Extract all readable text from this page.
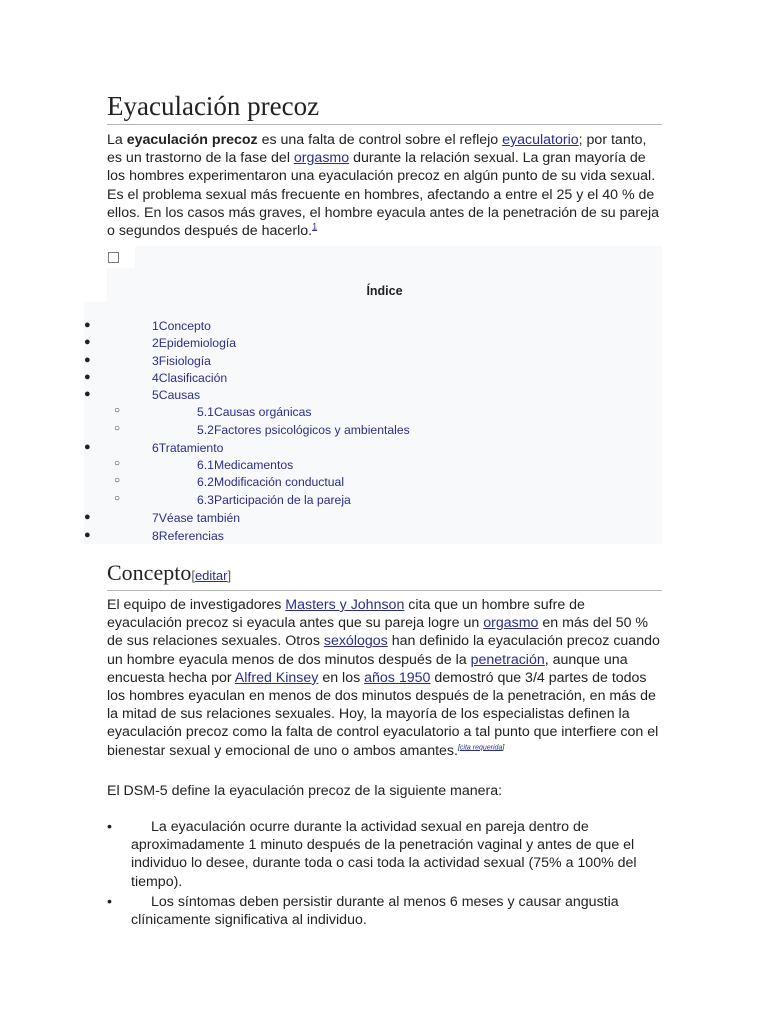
Eyaculación precoz

La eyaculación precoz es una falta de control sobre el reflejo eyaculatorio; por tanto, es un trastorno de la fase del orgasmo durante la relación sexual. La gran mayoría de los hombres experimentaron una eyaculación precoz en algún punto de su vida sexual. Es el problema sexual más frecuente en hombres, afectando a entre el 25 y el 40 % de ellos. En los casos más graves, el hombre eyacula antes de la penetración de su pareja o segundos después de hacerlo.$^1$

Índice
●	1Concepto
●	2Epidemiología
●	3Fisiología
●	4Clasificación
●	5Causas
○	5.1Causas orgánicas
○	5.2Factores psicológicos y ambientales
●	6Tratamiento
○	6.1Medicamentos
○	6.2Modificación conductual
○	6.3Participación de la pareja
●	7Véase también
●	8Referencias
Concepto[editar]

El equipo de investigadores Masters y Johnson cita que un hombre sufre de eyaculación precoz si eyacula antes que su pareja logre un orgasmo en más del 50 % de sus relaciones sexuales. Otros sexólogos han definido la eyaculación precoz cuando un hombre eyacula menos de dos minutos después de la penetración, aunque una encuesta hecha por Alfred Kinsey en los años 1950 demostró que 3/4 partes de todos los hombres eyaculan en menos de dos minutos después de la penetración, en más de la mitad de sus relaciones sexuales. Hoy, la mayoría de los especialistas definen la eyaculación precoz como la falta de control eyaculatorio a tal punto que interfiere con el bienestar sexual y emocional de uno o ambos amantes.[cita requerida]

El DSM-5 define la eyaculación precoz de la siguiente manera:

•	La eyaculación ocurre durante la actividad sexual en pareja dentro de aproximadamente 1 minuto después de la penetración vaginal y antes de que el individuo lo desee, durante toda o casi toda la actividad sexual (75% a 100% del tiempo).
•	Los síntomas deben persistir durante al menos 6 meses y causar angustia clínicamente significativa al individuo.
